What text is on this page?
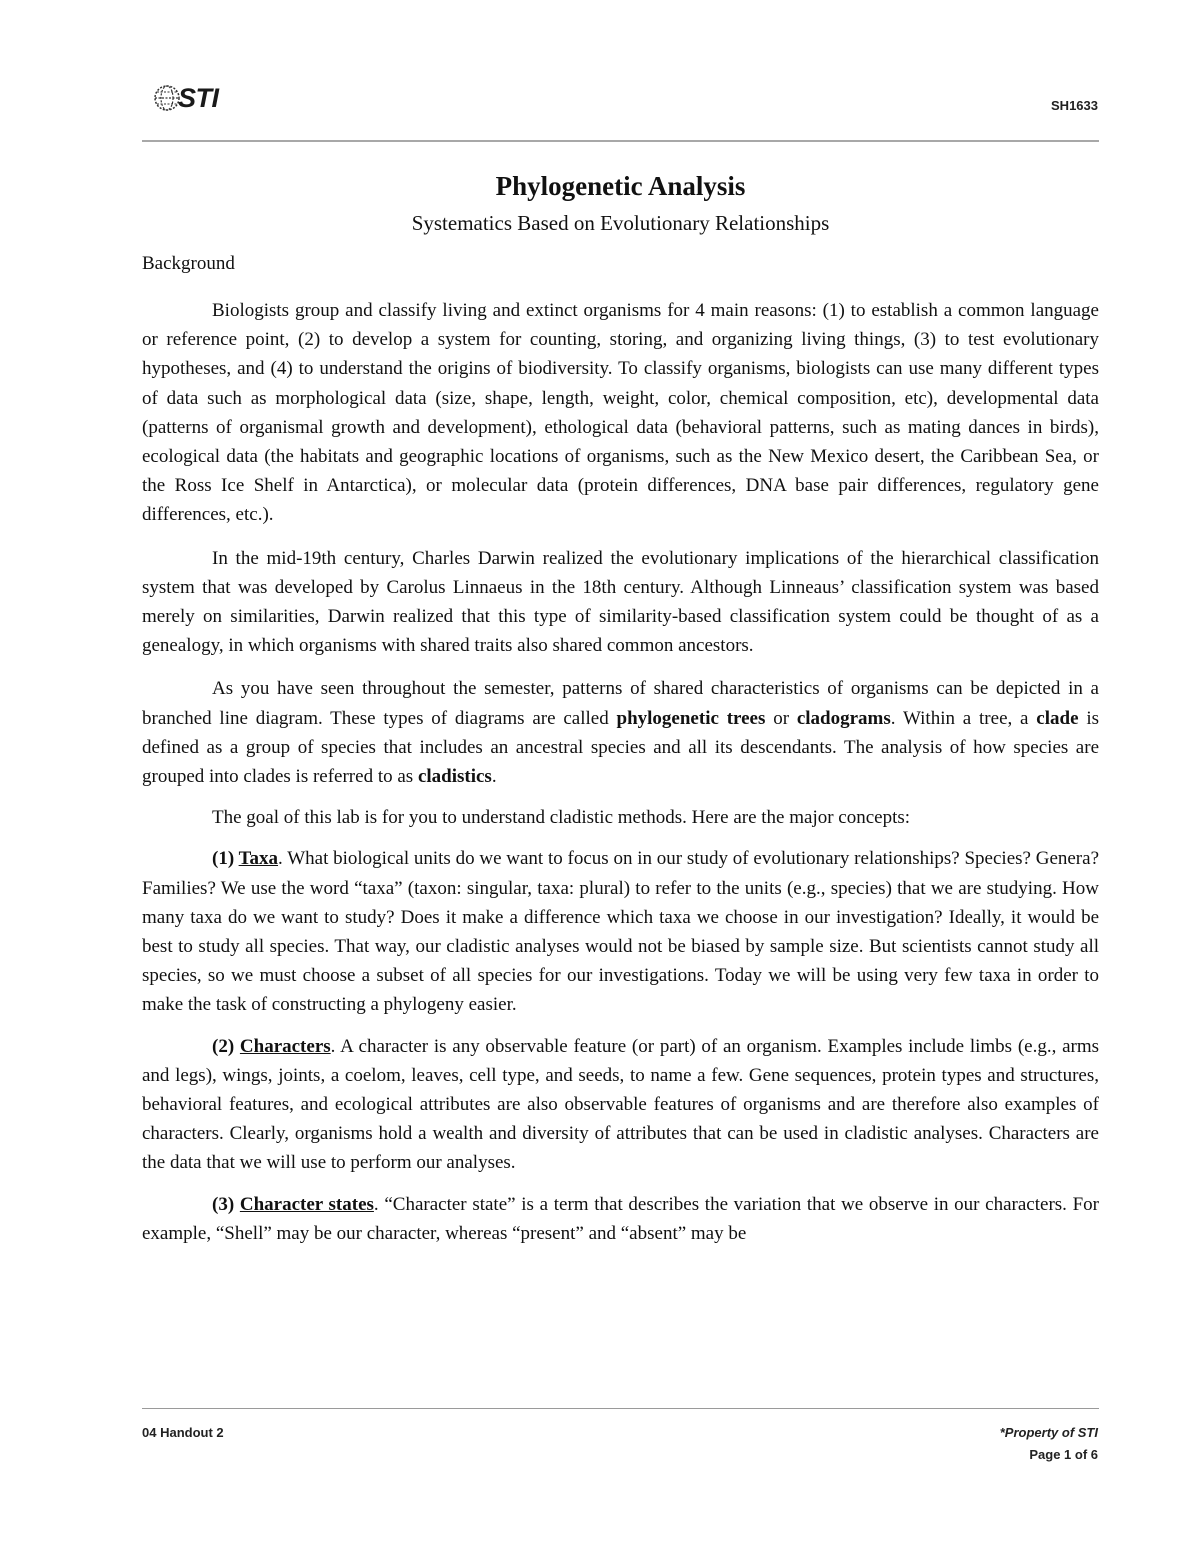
STI	SH1633
Phylogenetic Analysis
Systematics Based on Evolutionary Relationships
Background

Biologists group and classify living and extinct organisms for 4 main reasons: (1) to establish a common language or reference point, (2) to develop a system for counting, storing, and organizing living things, (3) to test evolutionary hypotheses, and (4) to understand the origins of biodiversity. To classify organisms, biologists can use many different types of data such as morphological data (size, shape, length, weight, color, chemical composition, etc), developmental data (patterns of organismal growth and development), ethological data (behavioral patterns, such as mating dances in birds), ecological data (the habitats and geographic locations of organisms, such as the New Mexico desert, the Caribbean Sea, or the Ross Ice Shelf in Antarctica), or molecular data (protein differences, DNA base pair differences, regulatory gene differences, etc.).

In the mid-19th century, Charles Darwin realized the evolutionary implications of the hierarchical classification system that was developed by Carolus Linnaeus in the 18th century. Although Linneaus’ classification system was based merely on similarities, Darwin realized that this type of similarity-based classification system could be thought of as a genealogy, in which organisms with shared traits also shared common ancestors.

As you have seen throughout the semester, patterns of shared characteristics of organisms can be depicted in a branched line diagram. These types of diagrams are called phylogenetic trees or cladograms. Within a tree, a clade is defined as a group of species that includes an ancestral species and all its descendants. The analysis of how species are grouped into clades is referred to as cladistics.

The goal of this lab is for you to understand cladistic methods. Here are the major concepts:

(1) Taxa. What biological units do we want to focus on in our study of evolutionary relationships? Species? Genera? Families? We use the word “taxa” (taxon: singular, taxa: plural) to refer to the units (e.g., species) that we are studying. How many taxa do we want to study? Does it make a difference which taxa we choose in our investigation? Ideally, it would be best to study all species. That way, our cladistic analyses would not be biased by sample size. But scientists cannot study all species, so we must choose a subset of all species for our investigations. Today we will be using very few taxa in order to make the task of constructing a phylogeny easier.

(2) Characters. A character is any observable feature (or part) of an organism. Examples include limbs (e.g., arms and legs), wings, joints, a coelom, leaves, cell type, and seeds, to name a few. Gene sequences, protein types and structures, behavioral features, and ecological attributes are also observable features of organisms and are therefore also examples of characters. Clearly, organisms hold a wealth and diversity of attributes that can be used in cladistic analyses. Characters are the data that we will use to perform our analyses.

(3) Character states. “Character state” is a term that describes the variation that we observe in our characters. For example, “Shell” may be our character, whereas “present” and “absent” may be

04 Handout 2	*Property of STI
Page 1 of 6
